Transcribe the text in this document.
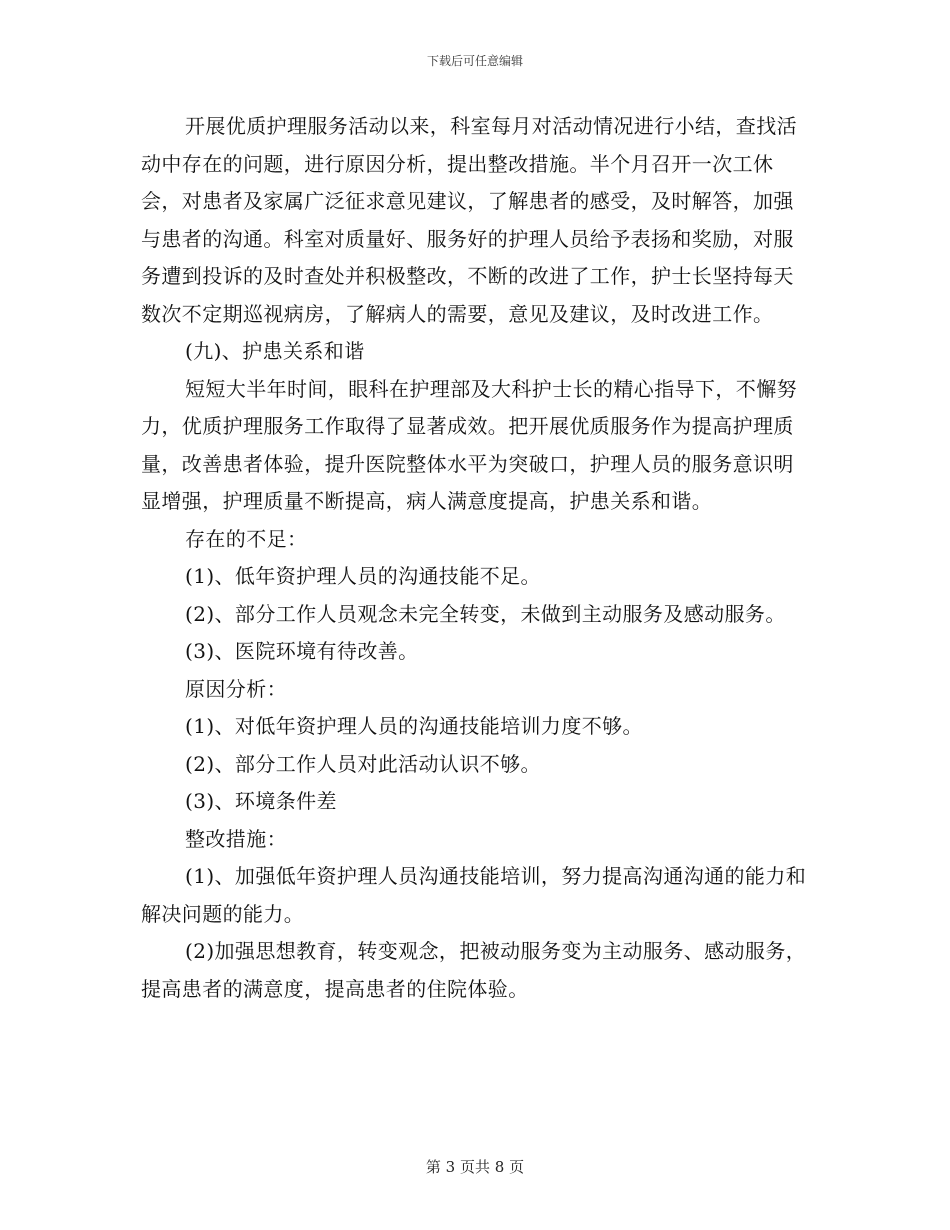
下载后可任意编辑

开展优质护理服务活动以来，科室每月对活动情况进行小结，查找活动中存在的问题，进行原因分析，提出整改措施。半个月召开一次工休会，对患者及家属广泛征求意见建议，了解患者的感受，及时解答，加强与患者的沟通。科室对质量好、服务好的护理人员给予表扬和奖励，对服务遭到投诉的及时查处并积极整改，不断的改进了工作，护士长坚持每天数次不定期巡视病房，了解病人的需要，意见及建议，及时改进工作。

(九)、护患关系和谐

短短大半年时间，眼科在护理部及大科护士长的精心指导下，不懈努力，优质护理服务工作取得了显著成效。把开展优质服务作为提高护理质量，改善患者体验，提升医院整体水平为突破口，护理人员的服务意识明显增强，护理质量不断提高，病人满意度提高，护患关系和谐。

存在的不足：

(1)、低年资护理人员的沟通技能不足。

(2)、部分工作人员观念未完全转变，未做到主动服务及感动服务。

(3)、医院环境有待改善。

原因分析：

(1)、对低年资护理人员的沟通技能培训力度不够。

(2)、部分工作人员对此活动认识不够。

(3)、环境条件差

整改措施：

(1)、加强低年资护理人员沟通技能培训，努力提高沟通沟通的能力和解决问题的能力。

(2)加强思想教育，转变观念，把被动服务变为主动服务、感动服务，提高患者的满意度，提高患者的住院体验。

第 3 页共 8 页
